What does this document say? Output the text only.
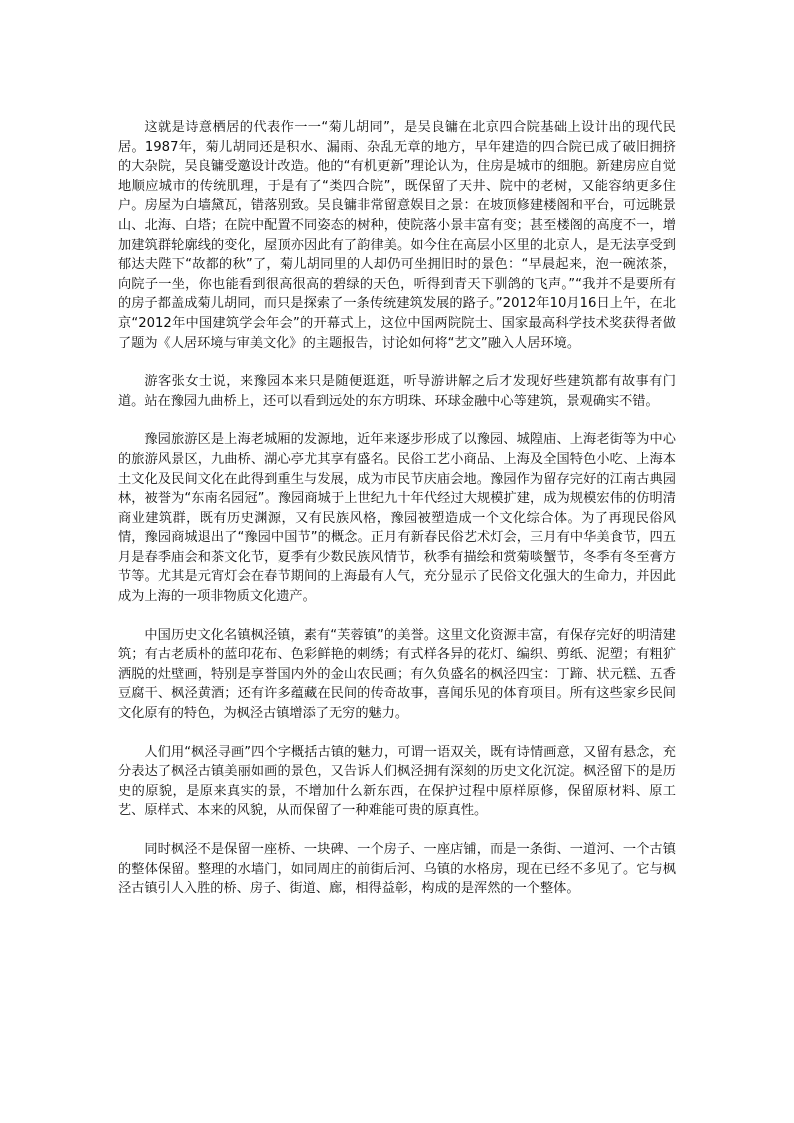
这就是诗意栖居的代表作一一“菊儿胡同”，是吴良镛在北京四合院基础上设计出的现代民居。1987年，菊儿胡同还是积水、漏雨、杂乱无章的地方，早年建造的四合院已成了破旧拥挤的大杂院，吴良镛受邀设计改造。他的“有机更新”理论认为，住房是城市的细胞。新建房应自觉地顺应城市的传统肌理，于是有了“类四合院”，既保留了天井、院中的老树，又能容纳更多住户。房屋为白墙黛瓦，错落别致。吴良镛非常留意娱目之景：在坡顶修建楼阁和平台，可远眺景山、北海、白塔；在院中配置不同姿态的树种，使院落小景丰富有变；甚至楼阁的高度不一，增加建筑群轮廓线的变化，屋顶亦因此有了韵律美。如今住在高层小区里的北京人，是无法享受到郁达夫陛下“故都的秋”了，菊儿胡同里的人却仍可坐拥旧时的景色：“早晨起来，泡一碗浓茶，向院子一坐，你也能看到很高很高的碧绿的天色，听得到青天下驯鸽的飞声。”“我并不是要所有的房子都盖成菊儿胡同，而只是探索了一条传统建筑发展的路子。”2012年10月16日上午，在北京“2012年中国建筑学会年会”的开幕式上，这位中国两院院士、国家最高科学技术奖获得者做了题为《人居环境与审美文化》的主题报告，讨论如何将“艺文”融入人居环境。

游客张女士说，来豫园本来只是随便逛逛，听导游讲解之后才发现好些建筑都有故事有门道。站在豫园九曲桥上，还可以看到远处的东方明珠、环球金融中心等建筑，景观确实不错。

豫园旅游区是上海老城厢的发源地，近年来逐步形成了以豫园、城隍庙、上海老街等为中心的旅游风景区，九曲桥、湖心亭尤其享有盛名。民俗工艺小商品、上海及全国特色小吃、上海本土文化及民间文化在此得到重生与发展，成为市民节庆庙会地。豫园作为留存完好的江南古典园林，被誉为“东南名园冠”。豫园商城于上世纪九十年代经过大规模扩建，成为规模宏伟的仿明清商业建筑群，既有历史渊源，又有民族风格，豫园被塑造成一个文化综合体。为了再现民俗风情，豫园商城退出了“豫园中国节”的概念。正月有新春民俗艺术灯会，三月有中华美食节，四五月是春季庙会和茶文化节，夏季有少数民族风情节，秋季有描绘和赏菊啖蟹节，冬季有冬至膏方节等。尤其是元宵灯会在春节期间的上海最有人气，充分显示了民俗文化强大的生命力，并因此成为上海的一项非物质文化遗产。

中国历史文化名镇枫泾镇，素有“芙蓉镇”的美誉。这里文化资源丰富，有保存完好的明清建筑；有古老质朴的蓝印花布、色彩鲜艳的刺绣；有式样各异的花灯、编织、剪纸、泥塑；有粗犷洒脱的灶壁画，特别是享誉国内外的金山农民画；有久负盛名的枫泾四宝：丁蹄、状元糕、五香豆腐干、枫泾黄酒；还有许多蕴藏在民间的传奇故事，喜闻乐见的体育项目。所有这些家乡民间文化原有的特色，为枫泾古镇增添了无穷的魅力。

人们用“枫泾寻画”四个字概括古镇的魅力，可谓一语双关，既有诗情画意，又留有悬念，充分表达了枫泾古镇美丽如画的景色，又告诉人们枫泾拥有深刻的历史文化沉淀。枫泾留下的是历史的原貌，是原来真实的景，不增加什么新东西，在保护过程中原样原修，保留原材料、原工艺、原样式、本来的风貌，从而保留了一种难能可贵的原真性。

同时枫泾不是保留一座桥、一块碑、一个房子、一座店铺，而是一条街、一道河、一个古镇的整体保留。整理的水墙门，如同周庄的前街后河、乌镇的水格房，现在已经不多见了。它与枫泾古镇引人入胜的桥、房子、街道、廊，相得益彰，构成的是浑然的一个整体。
